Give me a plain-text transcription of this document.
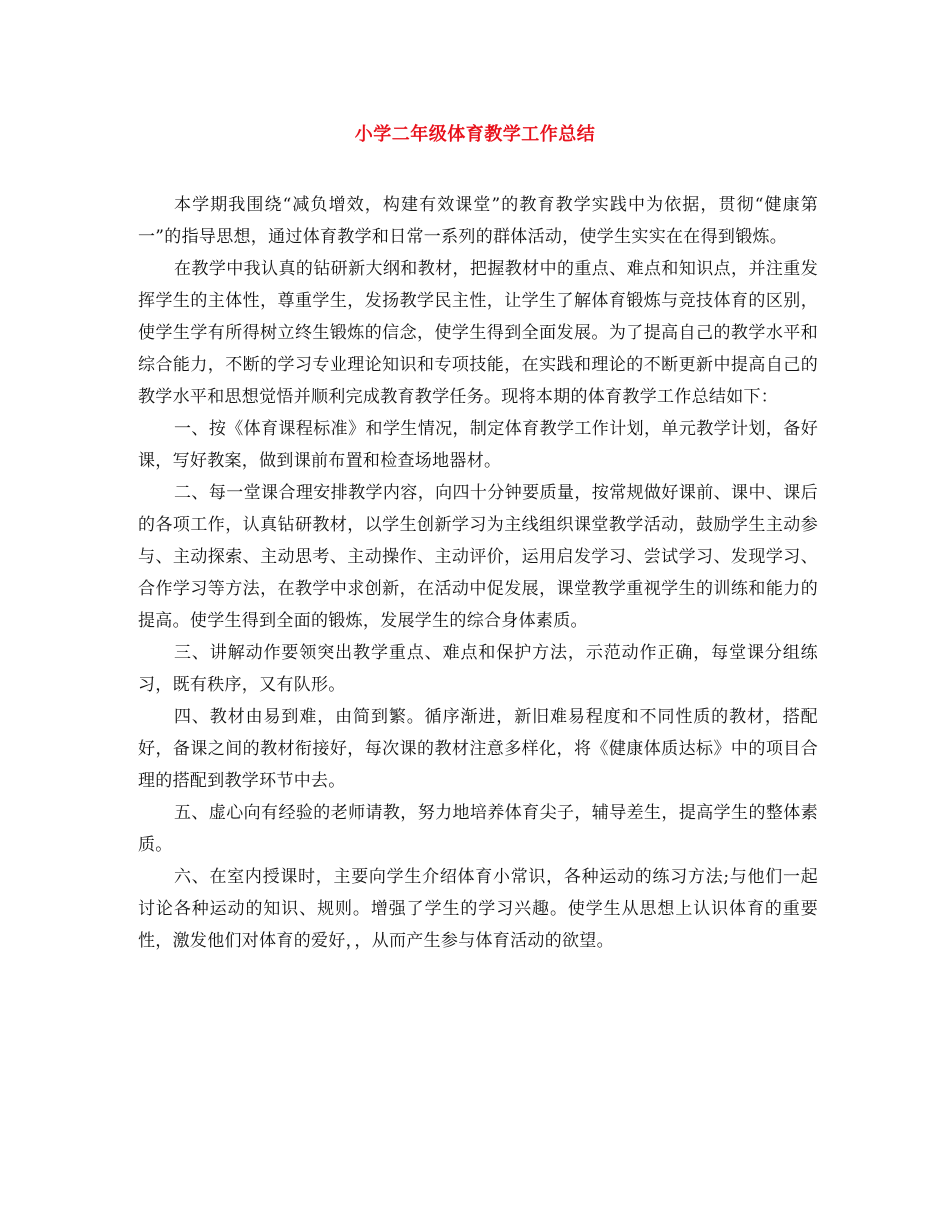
小学二年级体育教学工作总结

本学期我围绕“减负增效，构建有效课堂”的教育教学实践中为依据，贯彻“健康第一”的指导思想，通过体育教学和日常一系列的群体活动，使学生实实在在得到锻炼。

在教学中我认真的钻研新大纲和教材，把握教材中的重点、难点和知识点，并注重发挥学生的主体性，尊重学生，发扬教学民主性，让学生了解体育锻炼与竞技体育的区别，使学生学有所得树立终生锻炼的信念，使学生得到全面发展。为了提高自己的教学水平和综合能力，不断的学习专业理论知识和专项技能，在实践和理论的不断更新中提高自己的教学水平和思想觉悟并顺利完成教育教学任务。现将本期的体育教学工作总结如下：

一、按《体育课程标准》和学生情况，制定体育教学工作计划，单元教学计划，备好课，写好教案，做到课前布置和检查场地器材。

二、每一堂课合理安排教学内容，向四十分钟要质量，按常规做好课前、课中、课后的各项工作，认真钻研教材，以学生创新学习为主线组织课堂教学活动，鼓励学生主动参与、主动探索、主动思考、主动操作、主动评价，运用启发学习、尝试学习、发现学习、合作学习等方法，在教学中求创新，在活动中促发展，课堂教学重视学生的训练和能力的提高。使学生得到全面的锻炼，发展学生的综合身体素质。

三、讲解动作要领突出教学重点、难点和保护方法，示范动作正确，每堂课分组练习，既有秩序，又有队形。

四、教材由易到难，由简到繁。循序渐进，新旧难易程度和不同性质的教材，搭配好，备课之间的教材衔接好，每次课的教材注意多样化，将《健康体质达标》中的项目合理的搭配到教学环节中去。

五、虚心向有经验的老师请教，努力地培养体育尖子，辅导差生，提高学生的整体素质。

六、在室内授课时，主要向学生介绍体育小常识，各种运动的练习方法;与他们一起讨论各种运动的知识、规则。增强了学生的学习兴趣。使学生从思想上认识体育的重要性，激发他们对体育的爱好，，从而产生参与体育活动的欲望。
